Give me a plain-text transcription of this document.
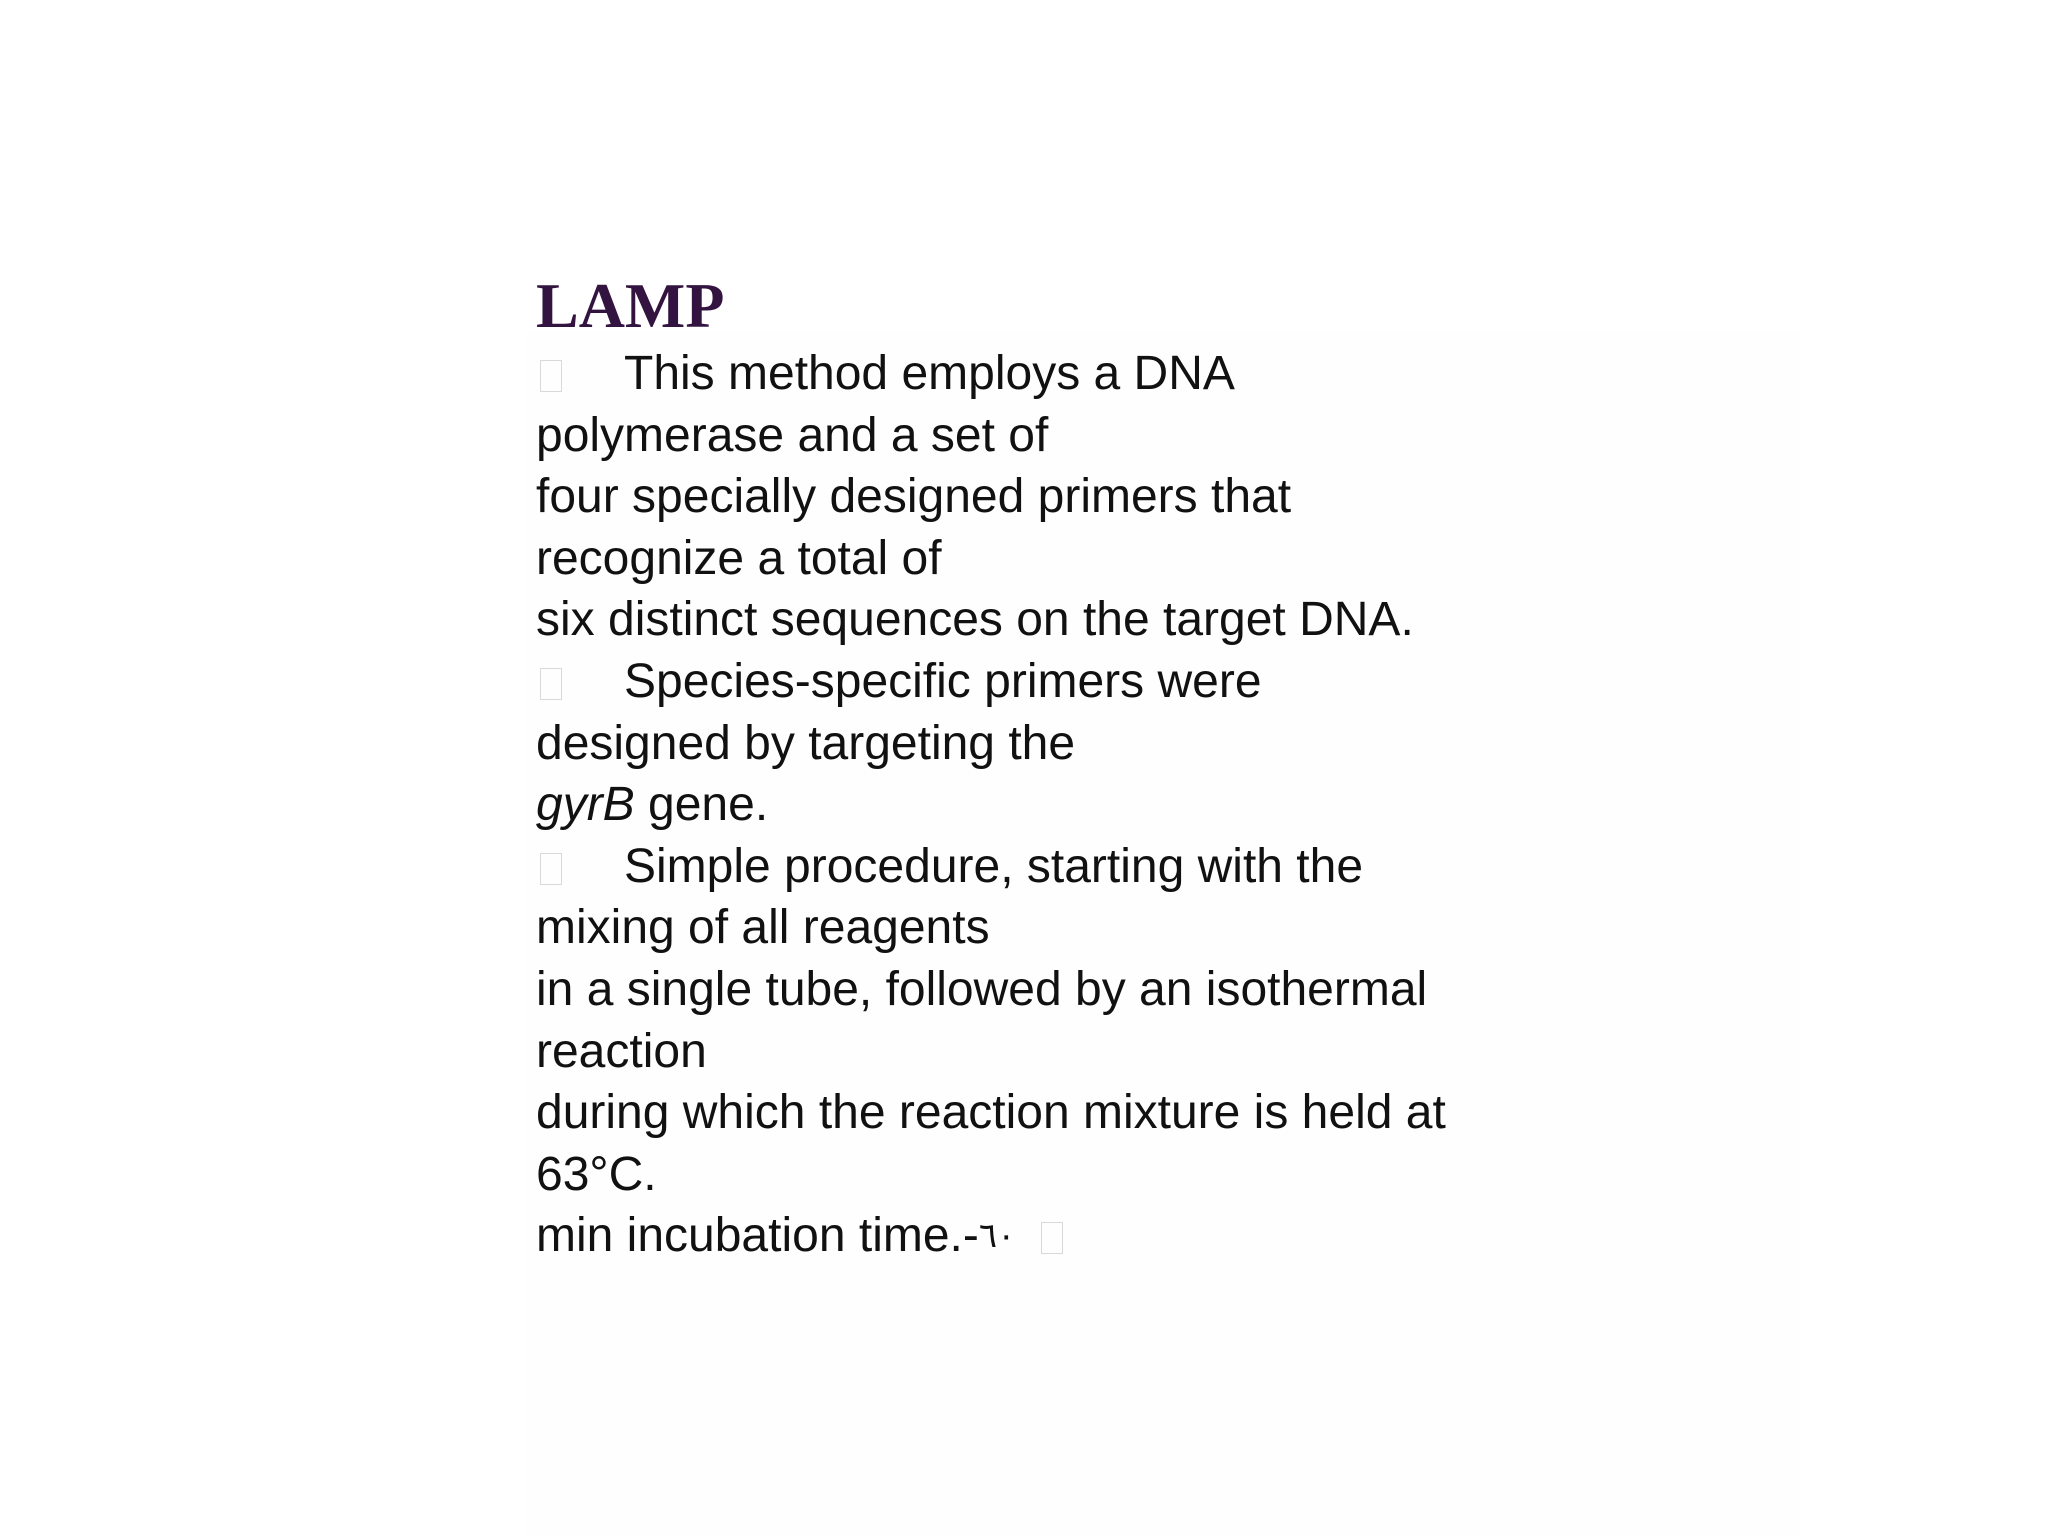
LAMP
This method employs a DNA
polymerase and a set of
four specially designed primers that
recognize a total of
six distinct sequences on the target DNA.
Species-specific primers were
designed by targeting the
gyrB gene.
Simple procedure, starting with the
mixing of all reagents
in a single tube, followed by an isothermal
reaction
during which the reaction mixture is held at
63°C.
min incubation time.-٦٠
